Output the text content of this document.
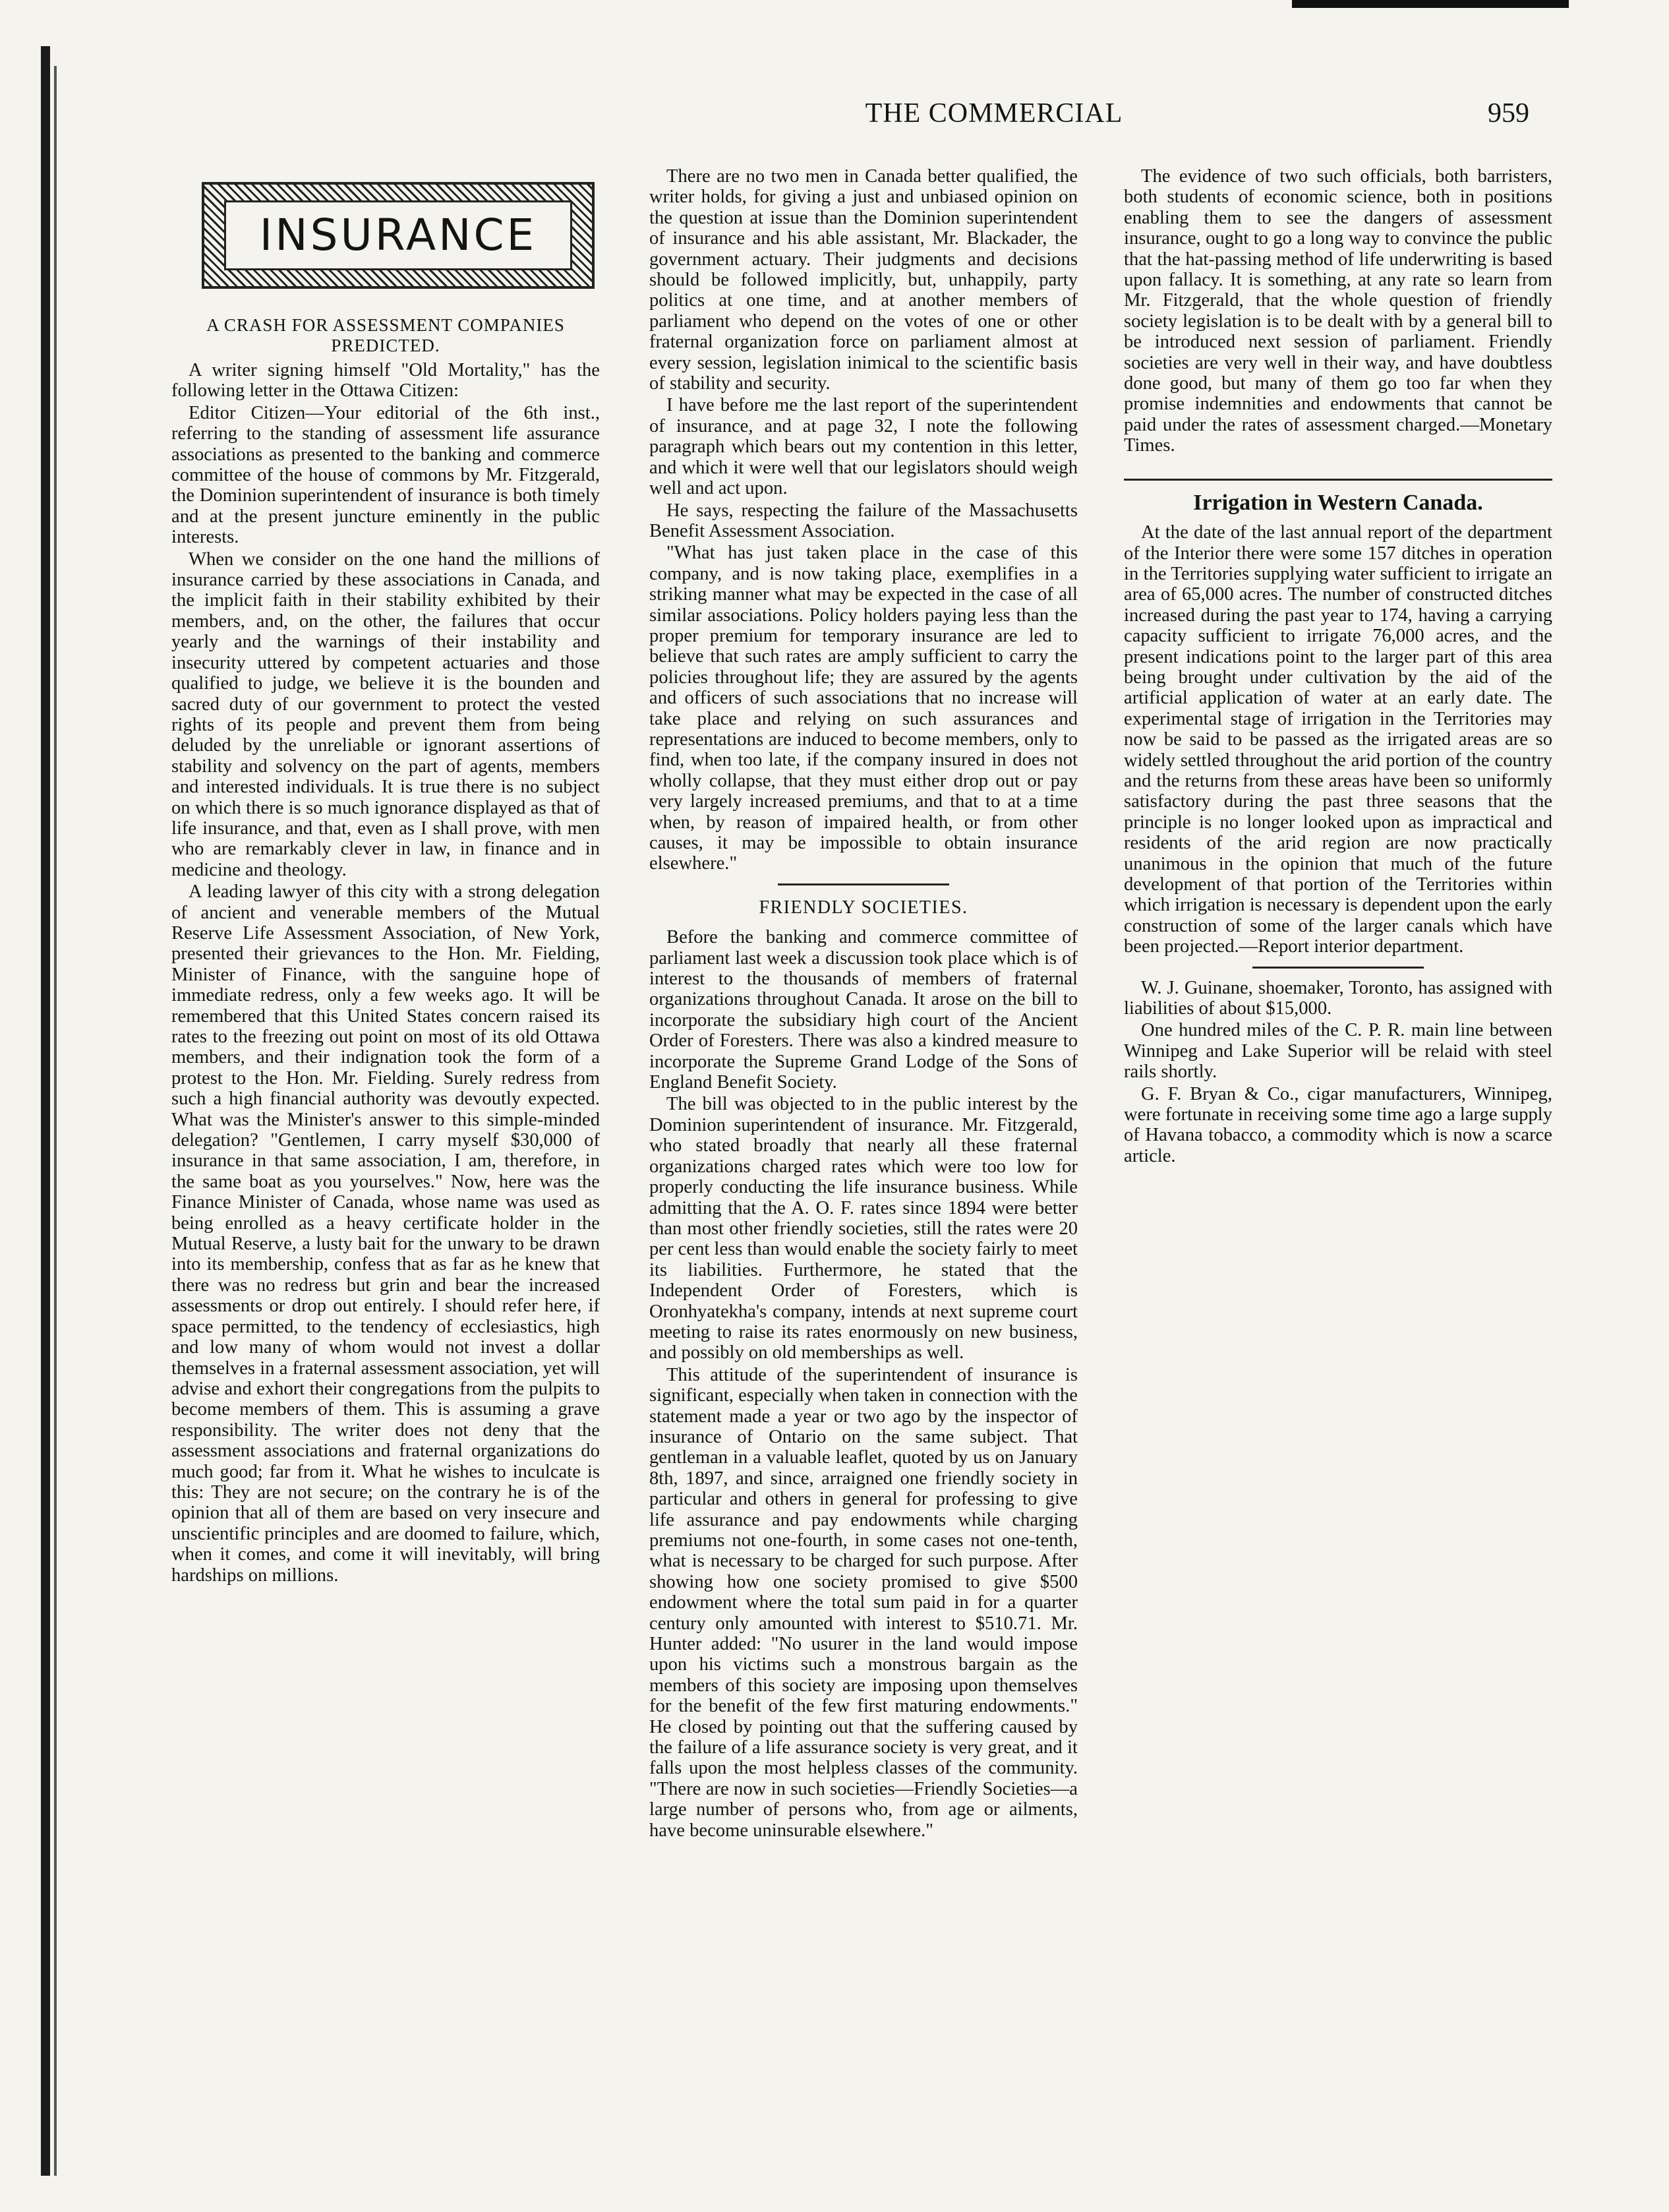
THE COMMERCIAL	959
INSURANCE
A CRASH FOR ASSESSMENT COMPANIES PREDICTED.

A writer signing himself "Old Mortality," has the following letter in the Ottawa Citizen:

Editor Citizen—Your editorial of the 6th inst., referring to the standing of assessment life assurance associations as presented to the banking and commerce committee of the house of commons by Mr. Fitzgerald, the Dominion superintendent of insurance is both timely and at the present juncture eminently in the public interests.

When we consider on the one hand the millions of insurance carried by these associations in Canada, and the implicit faith in their stability exhibited by their members, and, on the other, the failures that occur yearly and the warnings of their instability and insecurity uttered by competent actuaries and those qualified to judge, we believe it is the bounden and sacred duty of our government to protect the vested rights of its people and prevent them from being deluded by the unreliable or ignorant assertions of stability and solvency on the part of agents, members and interested individuals. It is true there is no subject on which there is so much ignorance displayed as that of life insurance, and that, even as I shall prove, with men who are remarkably clever in law, in finance and in medicine and theology.

A leading lawyer of this city with a strong delegation of ancient and venerable members of the Mutual Reserve Life Assessment Association, of New York, presented their grievances to the Hon. Mr. Fielding, Minister of Finance, with the sanguine hope of immediate redress, only a few weeks ago. It will be remembered that this United States concern raised its rates to the freezing out point on most of its old Ottawa members, and their indignation took the form of a protest to the Hon. Mr. Fielding. Surely redress from such a high financial authority was devoutly expected. What was the Minister's answer to this simple-minded delegation? "Gentlemen, I carry myself $30,000 of insurance in that same association, I am, therefore, in the same boat as you yourselves." Now, here was the Finance Minister of Canada, whose name was used as being enrolled as a heavy certificate holder in the Mutual Reserve, a lusty bait for the unwary to be drawn into its membership, confess that as far as he knew that there was no redress but grin and bear the increased assessments or drop out entirely. I should refer here, if space permitted, to the tendency of ecclesiastics, high and low many of whom would not invest a dollar themselves in a fraternal assessment association, yet will advise and exhort their congregations from the pulpits to become members of them. This is assuming a grave responsibility. The writer does not deny that the assessment associations and fraternal organizations do much good; far from it. What he wishes to inculcate is this: They are not secure; on the contrary he is of the opinion that all of them are based on very insecure and unscientific principles and are doomed to failure, which, when it comes, and come it will inevitably, will bring hardships on millions.

There are no two men in Canada better qualified, the writer holds, for giving a just and unbiased opinion on the question at issue than the Dominion superintendent of insurance and his able assistant, Mr. Blackader, the government actuary. Their judgments and decisions should be followed implicitly, but, unhappily, party politics at one time, and at another members of parliament who depend on the votes of one or other fraternal organization force on parliament almost at every session, legislation inimical to the scientific basis of stability and security.

I have before me the last report of the superintendent of insurance, and at page 32, I note the following paragraph which bears out my contention in this letter, and which it were well that our legislators should weigh well and act upon.

He says, respecting the failure of the Massachusetts Benefit Assessment Association.

"What has just taken place in the case of this company, and is now taking place, exemplifies in a striking manner what may be expected in the case of all similar associations. Policy holders paying less than the proper premium for temporary insurance are led to believe that such rates are amply sufficient to carry the policies throughout life; they are assured by the agents and officers of such associations that no increase will take place and relying on such assurances and representations are induced to become members, only to find, when too late, if the company insured in does not wholly collapse, that they must either drop out or pay very largely increased premiums, and that to at a time when, by reason of impaired health, or from other causes, it may be impossible to obtain insurance elsewhere."

FRIENDLY SOCIETIES.

Before the banking and commerce committee of parliament last week a discussion took place which is of interest to the thousands of members of fraternal organizations throughout Canada. It arose on the bill to incorporate the subsidiary high court of the Ancient Order of Foresters. There was also a kindred measure to incorporate the Supreme Grand Lodge of the Sons of England Benefit Society.

The bill was objected to in the public interest by the Dominion superintendent of insurance. Mr. Fitzgerald, who stated broadly that nearly all these fraternal organizations charged rates which were too low for properly conducting the life insurance business. While admitting that the A. O. F. rates since 1894 were better than most other friendly societies, still the rates were 20 per cent less than would enable the society fairly to meet its liabilities. Furthermore, he stated that the Independent Order of Foresters, which is Oronhyatekha's company, intends at next supreme court meeting to raise its rates enormously on new business, and possibly on old memberships as well.

This attitude of the superintendent of insurance is significant, especially when taken in connection with the statement made a year or two ago by the inspector of insurance of Ontario on the same subject. That gentleman in a valuable leaflet, quoted by us on January 8th, 1897, and since, arraigned one friendly society in particular and others in general for professing to give life assurance and pay endowments while charging premiums not one-fourth, in some cases not one-tenth, what is necessary to be charged for such purpose. After showing how one society promised to give $500 endowment where the total sum paid in for a quarter century only amounted with interest to $510.71. Mr. Hunter added: "No usurer in the land would impose upon his victims such a monstrous bargain as the members of this society are imposing upon themselves for the benefit of the few first maturing endowments." He closed by pointing out that the suffering caused by the failure of a life assurance society is very great, and it falls upon the most helpless classes of the community. "There are now in such societies—Friendly Societies—a large number of persons who, from age or ailments, have become uninsurable elsewhere."

The evidence of two such officials, both barristers, both students of economic science, both in positions enabling them to see the dangers of assessment insurance, ought to go a long way to convince the public that the hat-passing method of life underwriting is based upon fallacy. It is something, at any rate so learn from Mr. Fitzgerald, that the whole question of friendly society legislation is to be dealt with by a general bill to be introduced next session of parliament. Friendly societies are very well in their way, and have doubtless done good, but many of them go too far when they promise indemnities and endowments that cannot be paid under the rates of assessment charged.—Monetary Times.

Irrigation in Western Canada.

At the date of the last annual report of the department of the Interior there were some 157 ditches in operation in the Territories supplying water sufficient to irrigate an area of 65,000 acres. The number of constructed ditches increased during the past year to 174, having a carrying capacity sufficient to irrigate 76,000 acres, and the present indications point to the larger part of this area being brought under cultivation by the aid of the artificial application of water at an early date. The experimental stage of irrigation in the Territories may now be said to be passed as the irrigated areas are so widely settled throughout the arid portion of the country and the returns from these areas have been so uniformly satisfactory during the past three seasons that the principle is no longer looked upon as impractical and residents of the arid region are now practically unanimous in the opinion that much of the future development of that portion of the Territories within which irrigation is necessary is dependent upon the early construction of some of the larger canals which have been projected.—Report interior department.

W. J. Guinane, shoemaker, Toronto, has assigned with liabilities of about $15,000.

One hundred miles of the C. P. R. main line between Winnipeg and Lake Superior will be relaid with steel rails shortly.

G. F. Bryan & Co., cigar manufacturers, Winnipeg, were fortunate in receiving some time ago a large supply of Havana tobacco, a commodity which is now a scarce article.
